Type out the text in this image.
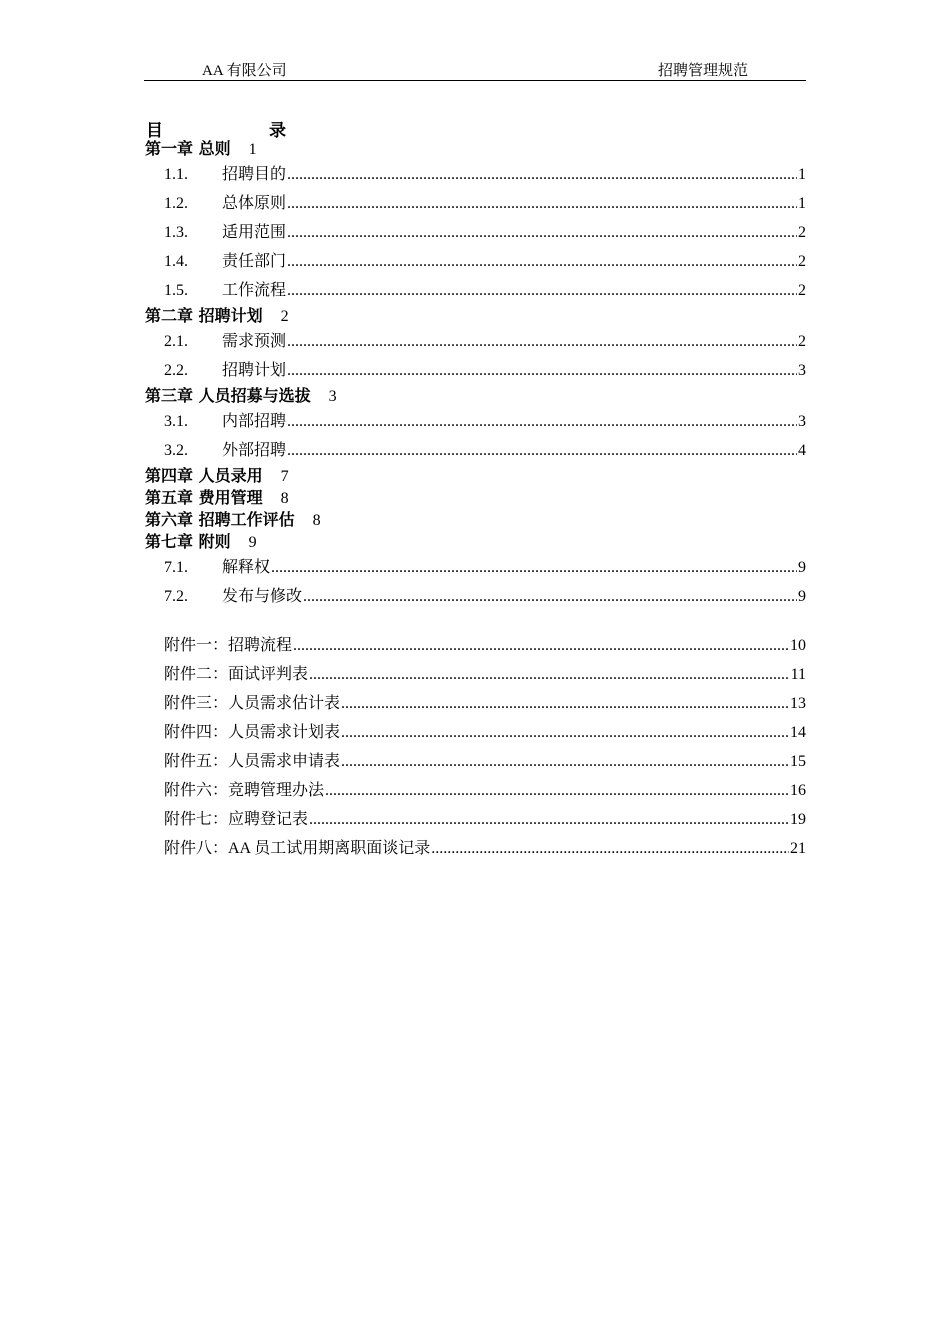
AA 有限公司	招聘管理规范
目	录
第一章 总则 1
1.1.	招聘目的 .....	1
1.2.	总体原则 .....	1
1.3.	适用范围 .....	2
1.4.	责任部门 .....	2
1.5.	工作流程 .....	2
第二章 招聘计划 2
2.1.	需求预测 .....	2
2.2.	招聘计划 .....	3
第三章 人员招募与选拔 3
3.1.	内部招聘 .....	3
3.2.	外部招聘 .....	4
第四章 人员录用 7
第五章 费用管理 8
第六章 招聘工作评估 8
第七章 附则 9
7.1.	解释权 .....	9
7.2.	发布与修改 .....	9
附件一：招聘流程 .....	10
附件二：面试评判表 .....	11
附件三：人员需求估计表 .....	13
附件四：人员需求计划表 .....	14
附件五：人员需求申请表 .....	15
附件六：竞聘管理办法 .....	16
附件七：应聘登记表 .....	19
附件八：AA 员工试用期离职面谈记录 .....	21
